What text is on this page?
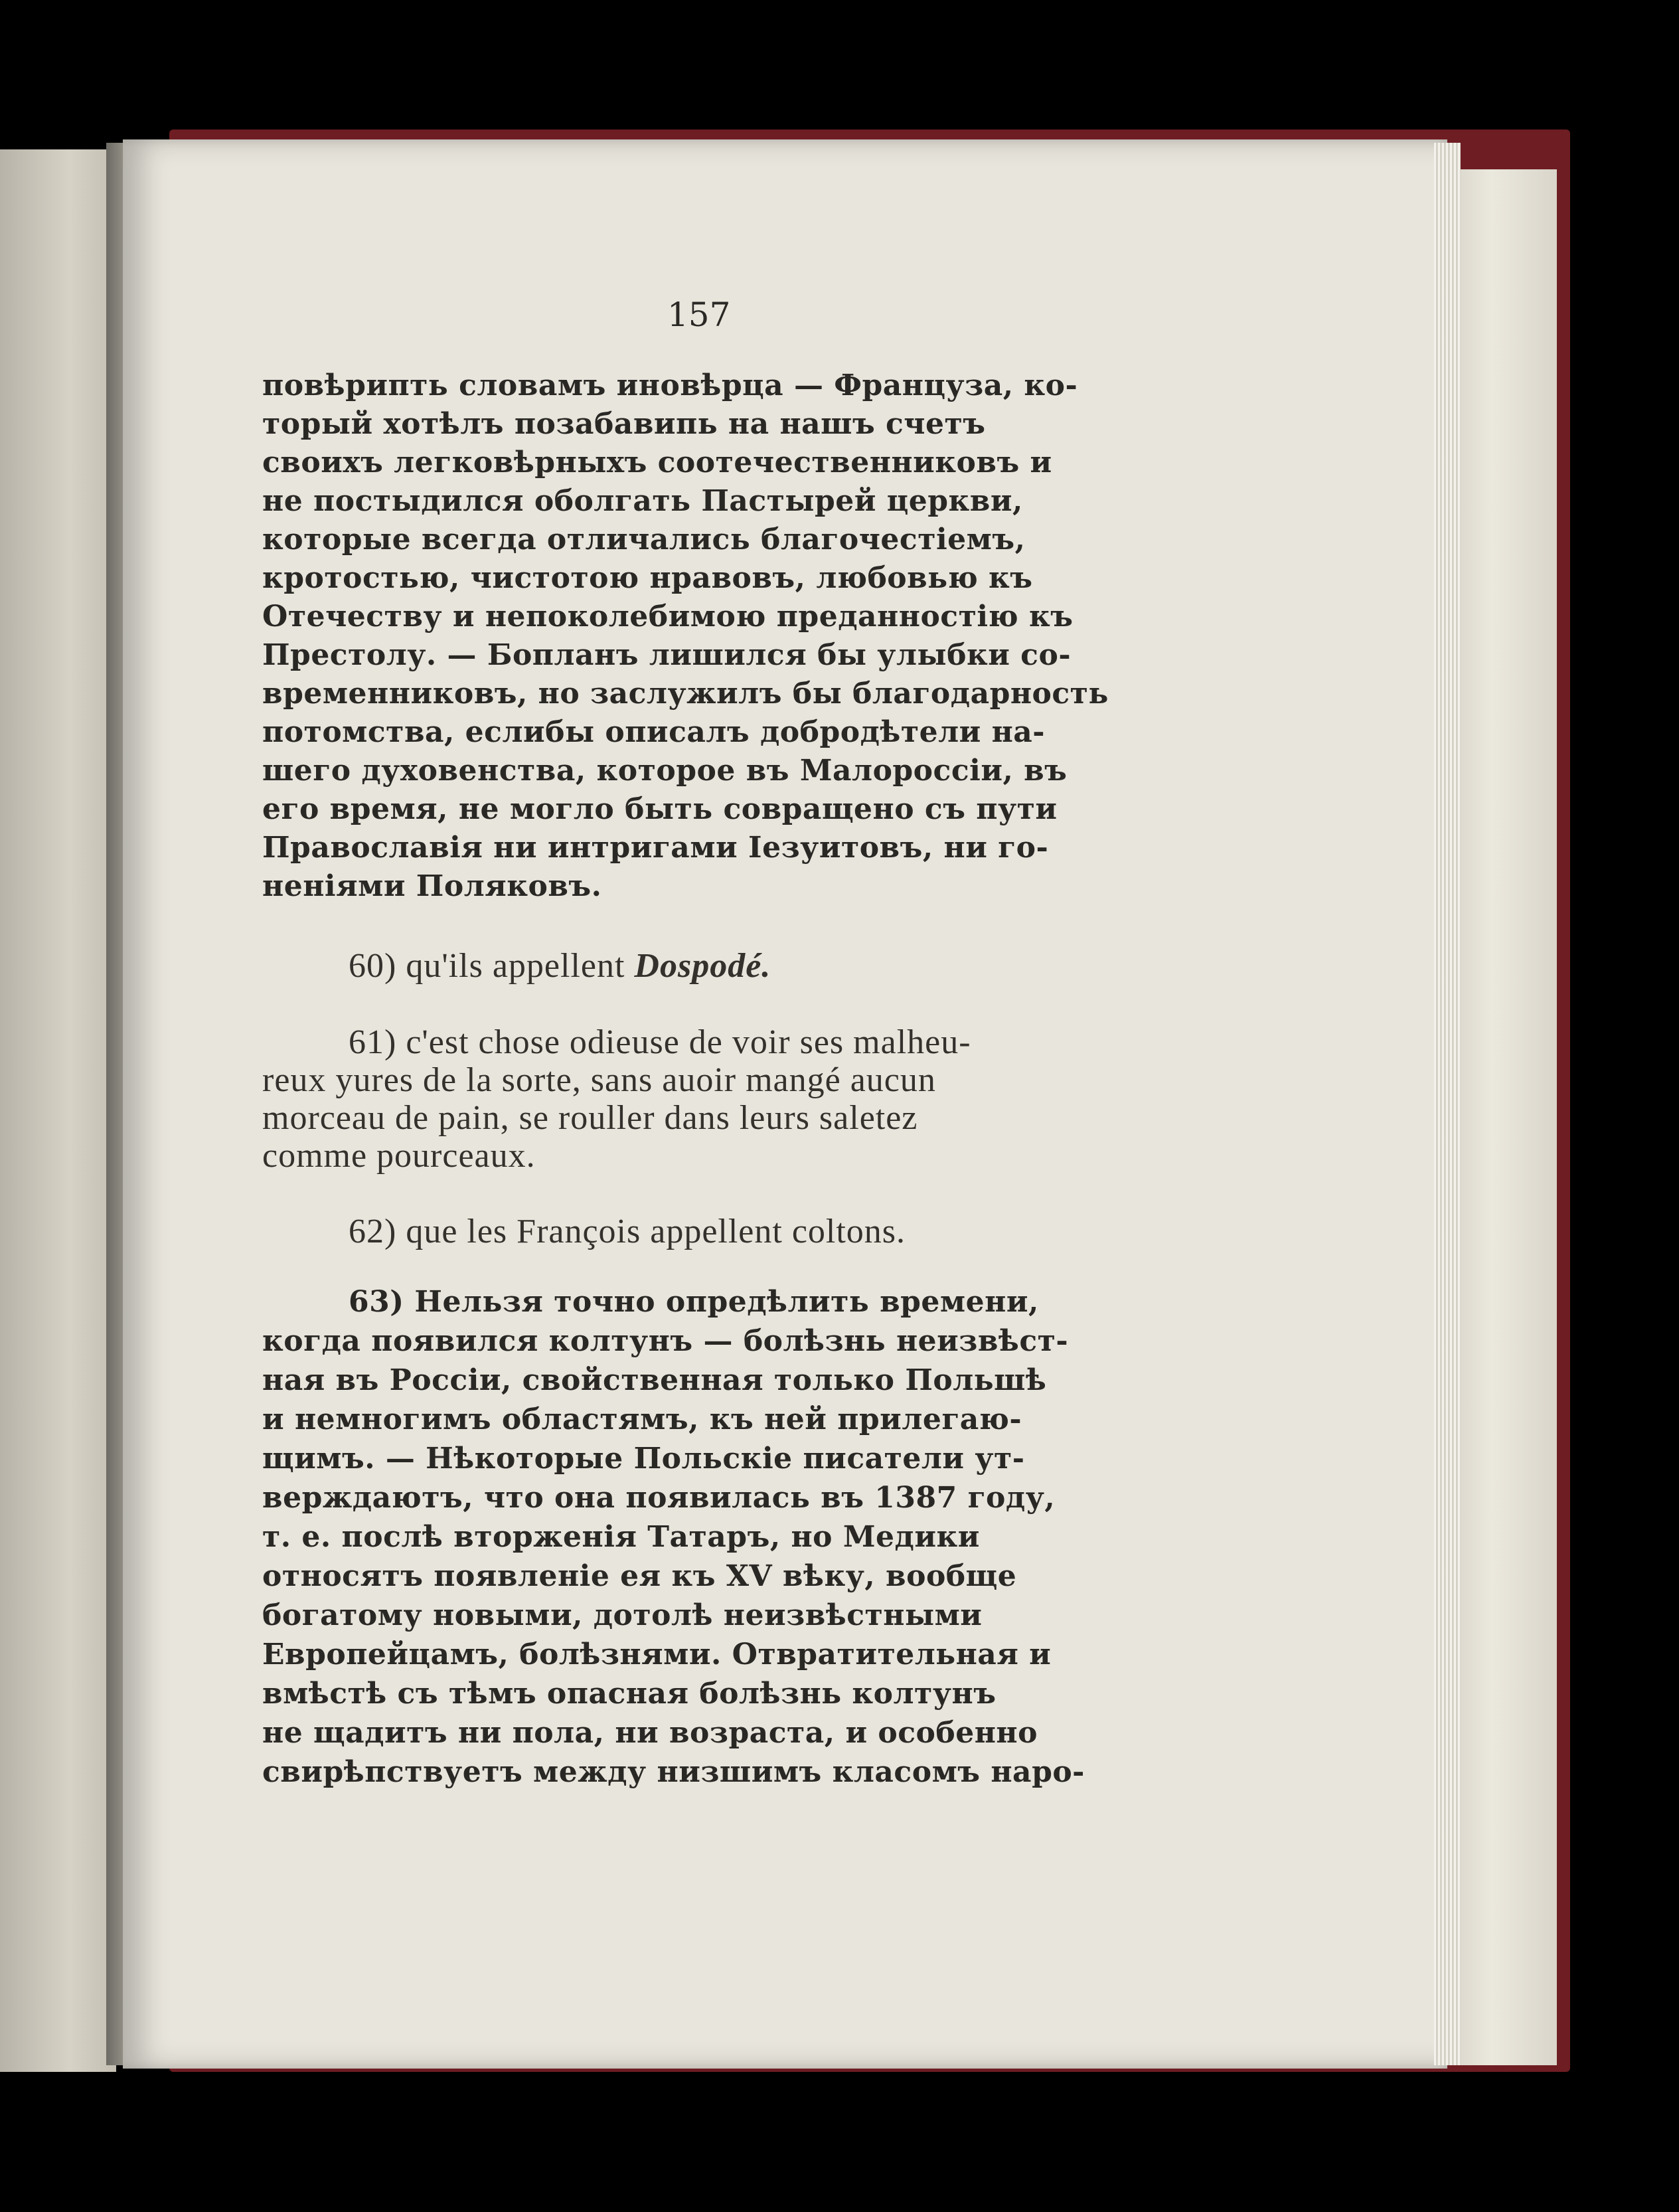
157
повѣрипть словамъ иновѣрца — Француза, ко-
торый хотѣлъ позабавипь на нашъ счетъ
своихъ легковѣрныхъ соотечественниковъ и
не постыдился оболгать Пастырей церкви,
которые всегда отличались благочестіемъ,
кротостью, чистотою нравовъ, любовью къ
Отечеству и непоколебимою преданностію къ
Престолу. — Бопланъ лишился бы улыбки со-
временниковъ, но заслужилъ бы благодарность
потомства, еслибы описалъ добродѣтели на-
шего духовенства, которое въ Малороссіи, въ
его время, не могло быть совращено съ пути
Православія ни интригами Іезуитовъ, ни го-
неніями Поляковъ.
60) qu'ils appellent Dospodé.
61) c'est chose odieuse de voir ses malheu-
reux yures de la sorte, sans auoir mangé aucun
morceau de pain, se rouller dans leurs saletez
comme pourceaux.
62) que les François appellent coltons.
63) Нельзя точно опредѣлить времени,
когда появился колтунъ — болѣзнь неизвѣст-
ная въ Россіи, свойственная только Польшѣ
и немногимъ областямъ, къ ней прилегаю-
щимъ. — Нѣкоторые Польскіе писатели ут-
верждаютъ, что она появилась въ 1387 году,
т. е. послѣ вторженія Татаръ, но Медики
относятъ появленіе ея къ XV вѣку, вообще
богатому новыми, дотолѣ неизвѣстными
Европейцамъ, болѣзнями. Отвратительная и
вмѣстѣ съ тѣмъ опасная болѣзнь колтунъ
не щадитъ ни пола, ни возраста, и особенно
свирѣпствуетъ между низшимъ класомъ наро-
